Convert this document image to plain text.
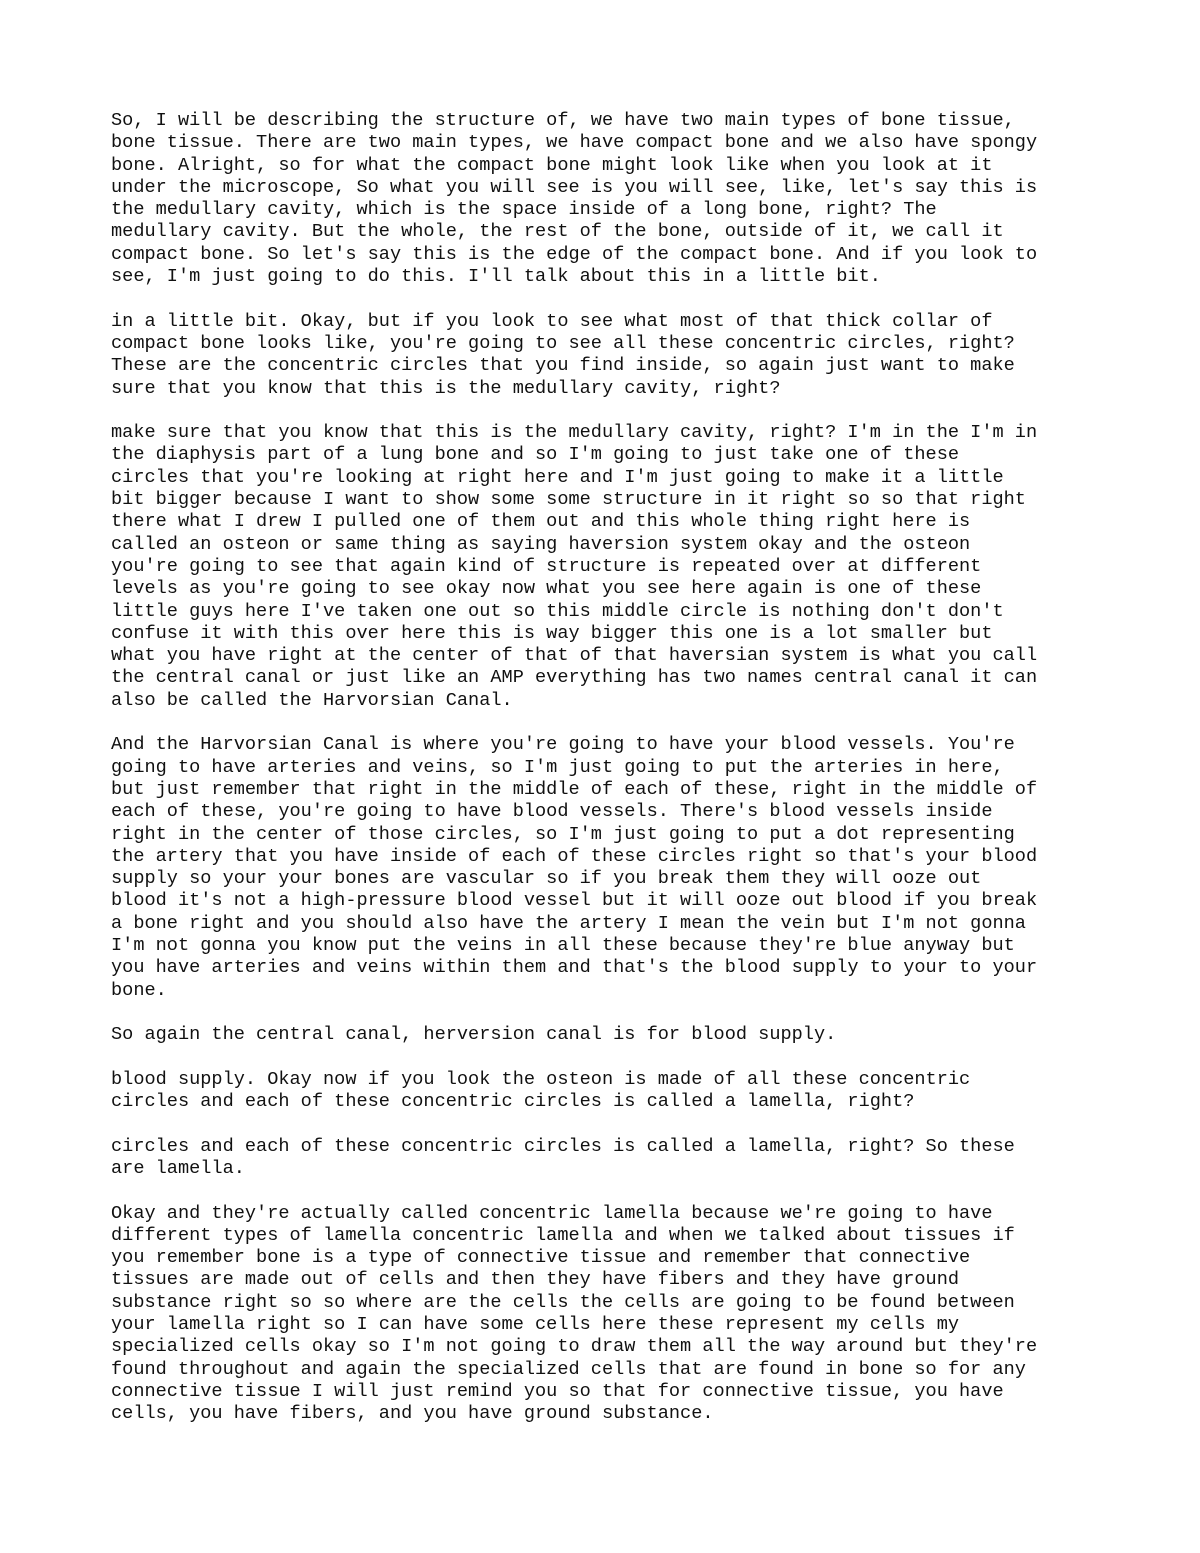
So, I will be describing the structure of, we have two main types of bone tissue,
bone tissue. There are two main types, we have compact bone and we also have spongy
bone. Alright, so for what the compact bone might look like when you look at it
under the microscope, So what you will see is you will see, like, let's say this is
the medullary cavity, which is the space inside of a long bone, right? The
medullary cavity. But the whole, the rest of the bone, outside of it, we call it
compact bone. So let's say this is the edge of the compact bone. And if you look to
see, I'm just going to do this. I'll talk about this in a little bit.

in a little bit. Okay, but if you look to see what most of that thick collar of
compact bone looks like, you're going to see all these concentric circles, right?
These are the concentric circles that you find inside, so again just want to make
sure that you know that this is the medullary cavity, right?

make sure that you know that this is the medullary cavity, right? I'm in the I'm in
the diaphysis part of a lung bone and so I'm going to just take one of these
circles that you're looking at right here and I'm just going to make it a little
bit bigger because I want to show some some structure in it right so so that right
there what I drew I pulled one of them out and this whole thing right here is
called an osteon or same thing as saying haversion system okay and the osteon
you're going to see that again kind of structure is repeated over at different
levels as you're going to see okay now what you see here again is one of these
little guys here I've taken one out so this middle circle is nothing don't don't
confuse it with this over here this is way bigger this one is a lot smaller but
what you have right at the center of that of that haversian system is what you call
the central canal or just like an AMP everything has two names central canal it can
also be called the Harvorsian Canal.

And the Harvorsian Canal is where you're going to have your blood vessels. You're
going to have arteries and veins, so I'm just going to put the arteries in here,
but just remember that right in the middle of each of these, right in the middle of
each of these, you're going to have blood vessels. There's blood vessels inside
right in the center of those circles, so I'm just going to put a dot representing
the artery that you have inside of each of these circles right so that's your blood
supply so your your bones are vascular so if you break them they will ooze out
blood it's not a high-pressure blood vessel but it will ooze out blood if you break
a bone right and you should also have the artery I mean the vein but I'm not gonna
I'm not gonna you know put the veins in all these because they're blue anyway but
you have arteries and veins within them and that's the blood supply to your to your
bone.

So again the central canal, herversion canal is for blood supply.

blood supply. Okay now if you look the osteon is made of all these concentric
circles and each of these concentric circles is called a lamella, right?

circles and each of these concentric circles is called a lamella, right? So these
are lamella.

Okay and they're actually called concentric lamella because we're going to have
different types of lamella concentric lamella and when we talked about tissues if
you remember bone is a type of connective tissue and remember that connective
tissues are made out of cells and then they have fibers and they have ground
substance right so so where are the cells the cells are going to be found between
your lamella right so I can have some cells here these represent my cells my
specialized cells okay so I'm not going to draw them all the way around but they're
found throughout and again the specialized cells that are found in bone so for any
connective tissue I will just remind you so that for connective tissue, you have
cells, you have fibers, and you have ground substance.
